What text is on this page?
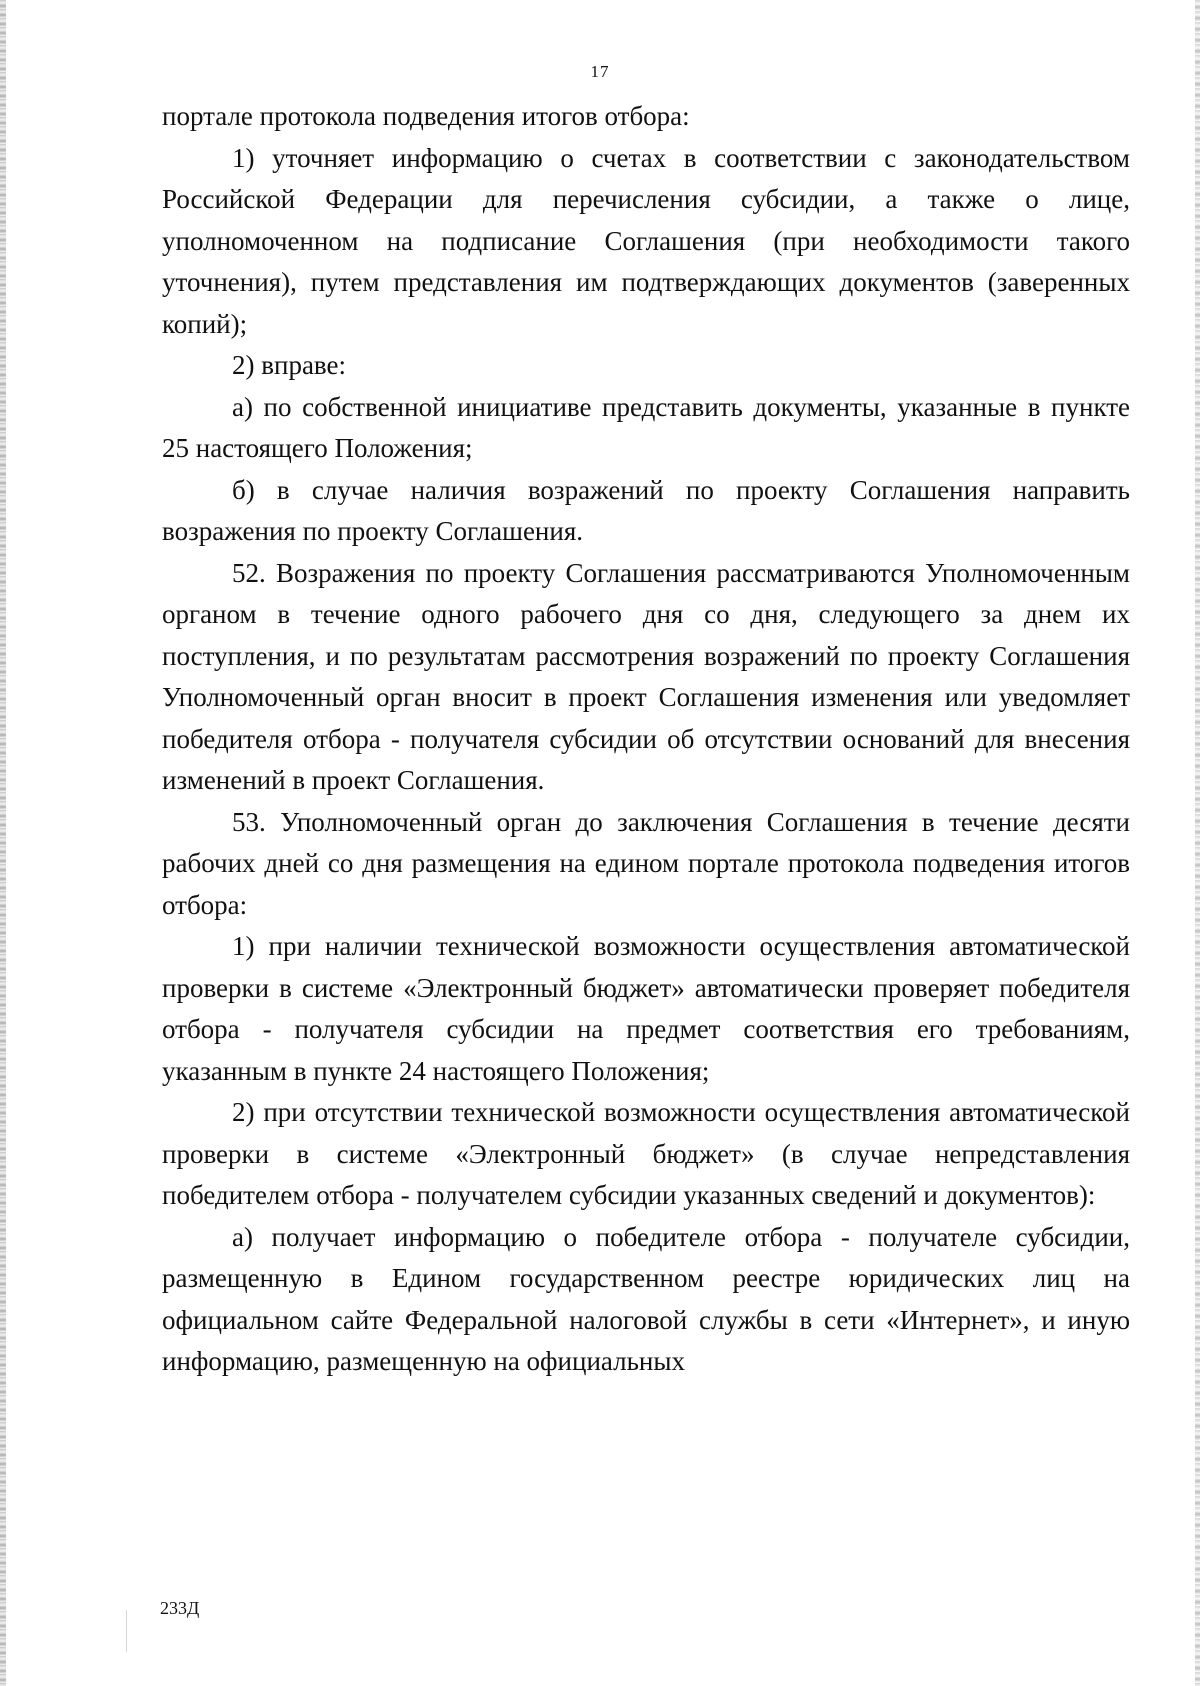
17

портале протокола подведения итогов отбора:

1) уточняет информацию о счетах в соответствии с законодательством Российской Федерации для перечисления субсидии, а также о лице, уполномоченном на подписание Соглашения (при необходимости такого уточнения), путем представления им подтверждающих документов (заверенных копий);

2) вправе:

а) по собственной инициативе представить документы, указанные в пункте 25 настоящего Положения;

б) в случае наличия возражений по проекту Соглашения направить возражения по проекту Соглашения.

52. Возражения по проекту Соглашения рассматриваются Уполномоченным органом в течение одного рабочего дня со дня, следующего за днем их поступления, и по результатам рассмотрения возражений по проекту Соглашения Уполномоченный орган вносит в проект Соглашения изменения или уведомляет победителя отбора - получателя субсидии об отсутствии оснований для внесения изменений в проект Соглашения.

53. Уполномоченный орган до заключения Соглашения в течение десяти рабочих дней со дня размещения на едином портале протокола подведения итогов отбора:

1) при наличии технической возможности осуществления автоматической проверки в системе «Электронный бюджет» автоматически проверяет победителя отбора - получателя субсидии на предмет соответствия его требованиям, указанным в пункте 24 настоящего Положения;

2) при отсутствии технической возможности осуществления автоматической проверки в системе «Электронный бюджет» (в случае непредставления победителем отбора - получателем субсидии указанных сведений и документов):

а) получает информацию о победителе отбора - получателе субсидии, размещенную в Едином государственном реестре юридических лиц на официальном сайте Федеральной налоговой службы в сети «Интернет», и иную информацию, размещенную на официальных

233Д
